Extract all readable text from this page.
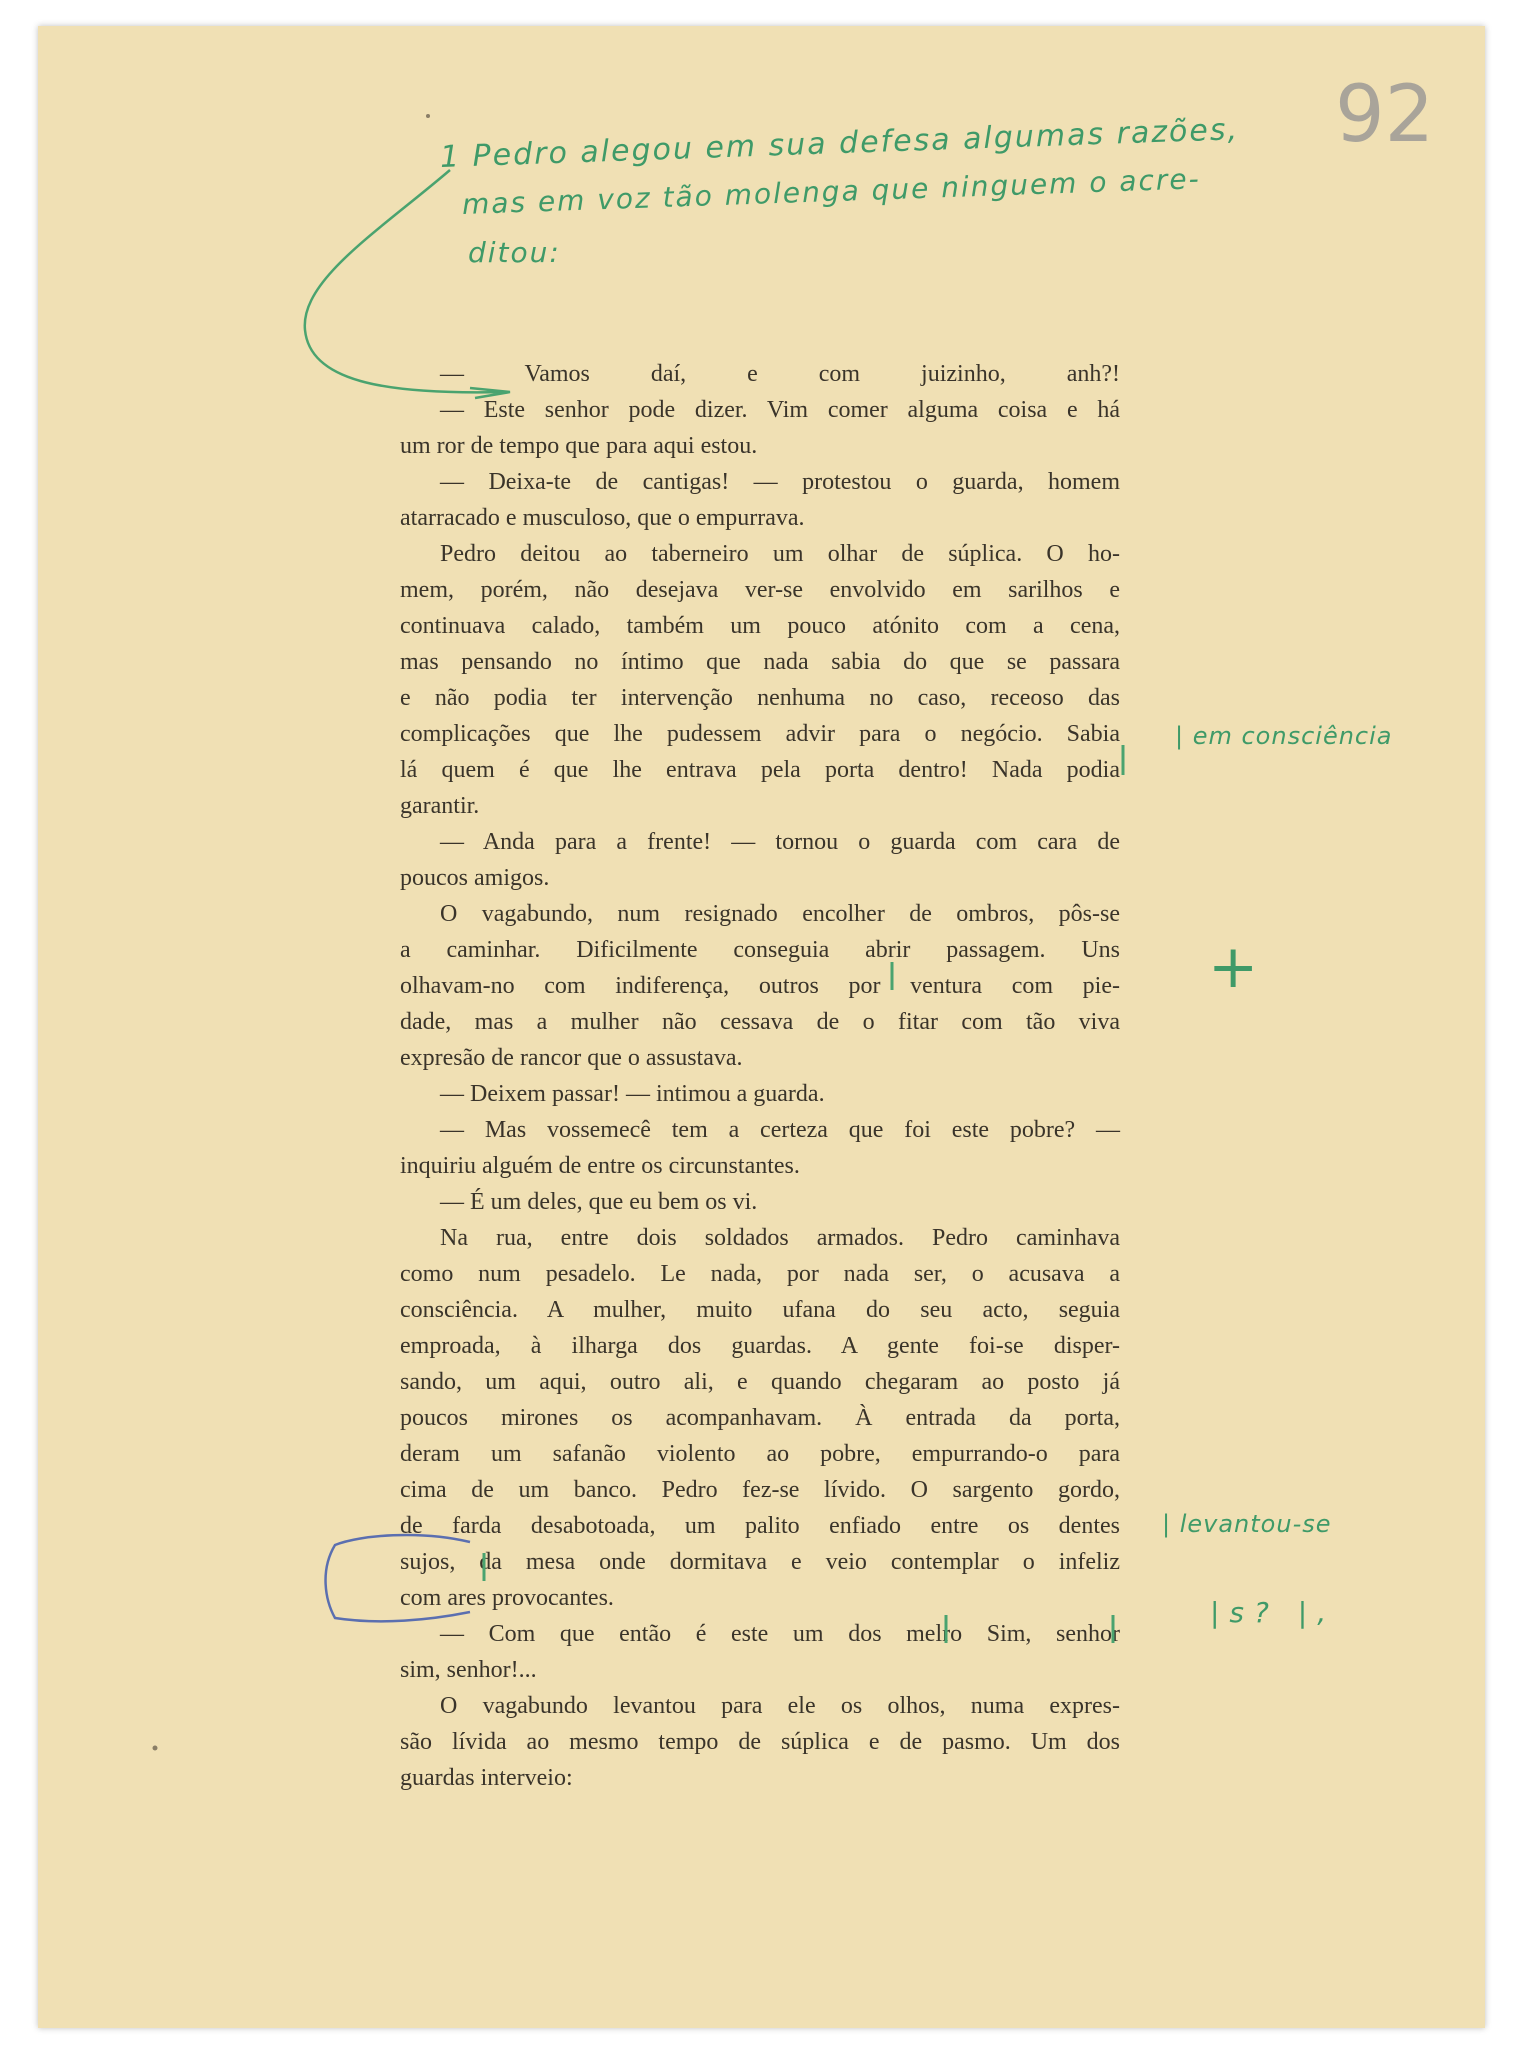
92
1 Pedro alegou em sua defesa algumas razões,
mas em voz tão molenga que ninguem o acre-
ditou:
| em consciência
+
| levantou-se
|s? |,
— Vamos daí, e com juizinho, anh?!
— Este senhor pode dizer. Vim comer alguma coisa e há
um ror de tempo que para aqui estou.
— Deixa-te de cantigas! — protestou o guarda, homem
atarracado e musculoso, que o empurrava.
Pedro deitou ao taberneiro um olhar de súplica. O ho-
mem, porém, não desejava ver-se envolvido em sarilhos e
continuava calado, também um pouco atónito com a cena,
mas pensando no íntimo que nada sabia do que se passara
e não podia ter intervenção nenhuma no caso, receoso das
complicações que lhe pudessem advir para o negócio. Sabia
lá quem é que lhe entrava pela porta dentro! Nada podia
garantir.
— Anda para a frente! — tornou o guarda com cara de
poucos amigos.
O vagabundo, num resignado encolher de ombros, pôs-se
a caminhar. Dificilmente conseguia abrir passagem. Uns
olhavam-no com indiferença, outros por ventura com pie-
dade, mas a mulher não cessava de o fitar com tão viva
expresão de rancor que o assustava.
— Deixem passar! — intimou a guarda.
— Mas vossemecê tem a certeza que foi este pobre? —
inquiriu alguém de entre os circunstantes.
— É um deles, que eu bem os vi.
Na rua, entre dois soldados armados. Pedro caminhava
como num pesadelo. Le nada, por nada ser, o acusava a
consciência. A mulher, muito ufana do seu acto, seguia
emproada, à ilharga dos guardas. A gente foi-se disper-
sando, um aqui, outro ali, e quando chegaram ao posto já
poucos mirones os acompanhavam. À entrada da porta,
deram um safanão violento ao pobre, empurrando-o para
cima de um banco. Pedro fez-se lívido. O sargento gordo,
de farda desabotoada, um palito enfiado entre os dentes
sujos, da mesa onde dormitava e veio contemplar o infeliz
com ares provocantes.
— Com que então é este um dos melro Sim, senhor
sim, senhor!...
O vagabundo levantou para ele os olhos, numa expres-
são lívida ao mesmo tempo de súplica e de pasmo. Um dos
guardas interveio:
